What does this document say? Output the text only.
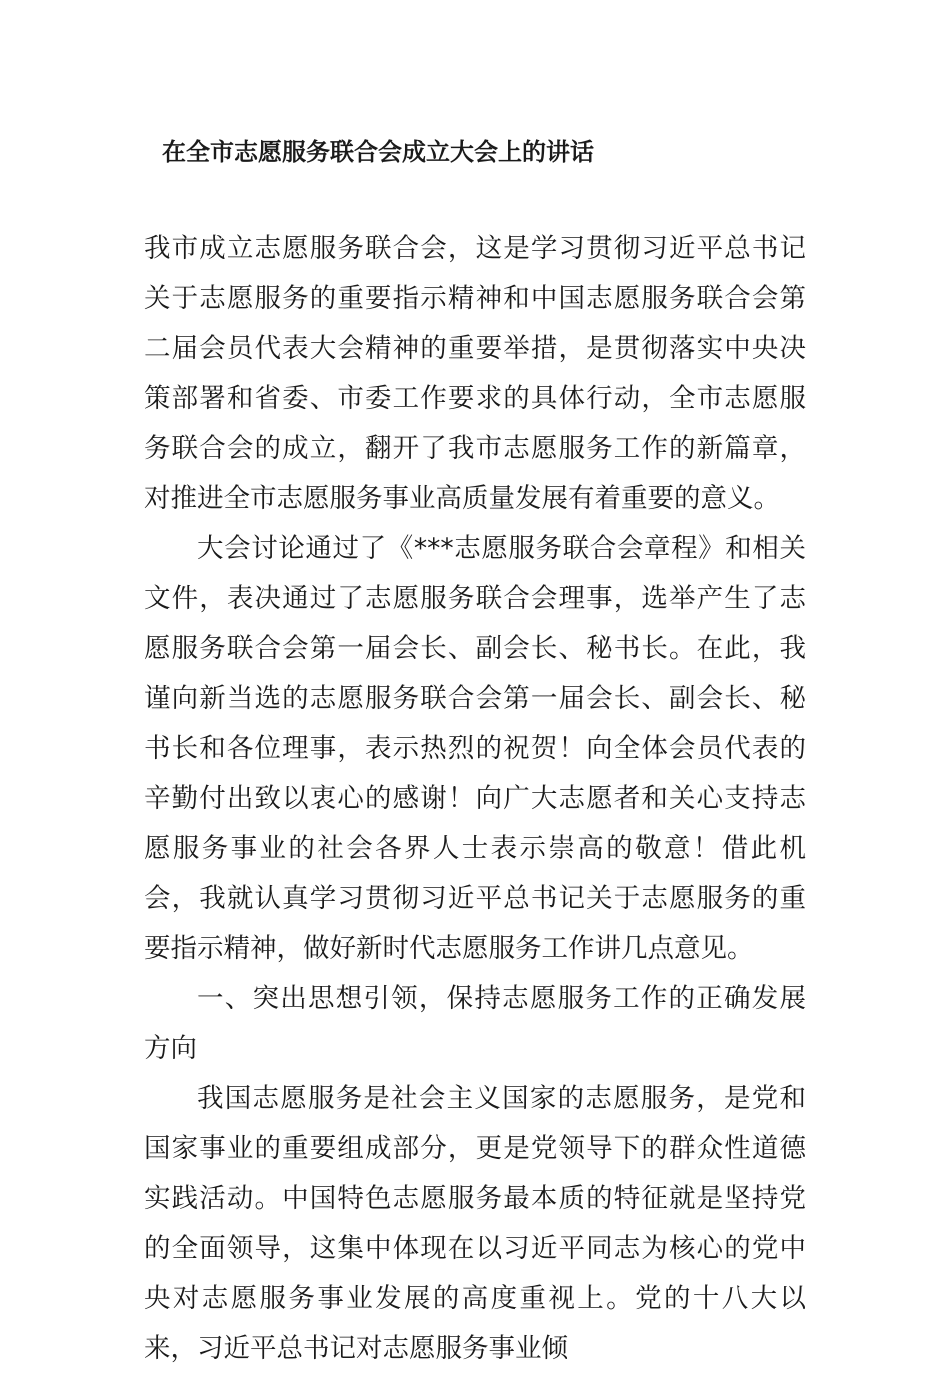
在全市志愿服务联合会成立大会上的讲话

我市成立志愿服务联合会，这是学习贯彻习近平总书记关于志愿服务的重要指示精神和中国志愿服务联合会第二届会员代表大会精神的重要举措，是贯彻落实中央决策部署和省委、市委工作要求的具体行动，全市志愿服务联合会的成立，翻开了我市志愿服务工作的新篇章，对推进全市志愿服务事业高质量发展有着重要的意义。

大会讨论通过了《***志愿服务联合会章程》和相关文件，表决通过了志愿服务联合会理事，选举产生了志愿服务联合会第一届会长、副会长、秘书长。在此，我谨向新当选的志愿服务联合会第一届会长、副会长、秘书长和各位理事，表示热烈的祝贺！向全体会员代表的辛勤付出致以衷心的感谢！向广大志愿者和关心支持志愿服务事业的社会各界人士表示崇高的敬意！借此机会，我就认真学习贯彻习近平总书记关于志愿服务的重要指示精神，做好新时代志愿服务工作讲几点意见。

一、突出思想引领，保持志愿服务工作的正确发展方向

我国志愿服务是社会主义国家的志愿服务，是党和国家事业的重要组成部分，更是党领导下的群众性道德实践活动。中国特色志愿服务最本质的特征就是坚持党的全面领导，这集中体现在以习近平同志为核心的党中央对志愿服务事业发展的高度重视上。党的十八大以来，习近平总书记对志愿服务事业倾
